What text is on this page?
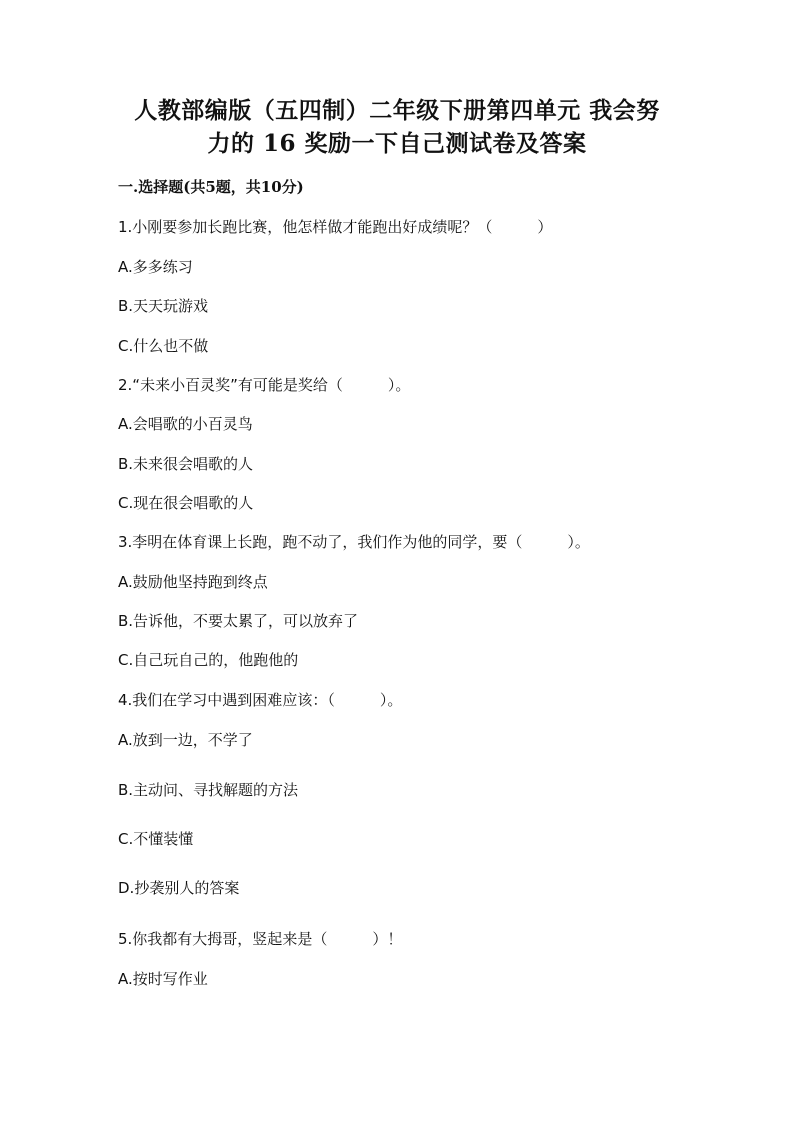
人教部编版（五四制）二年级下册第四单元 我会努
力的 16 奖励一下自己测试卷及答案
一.选择题(共5题，共10分)
1.小刚要参加长跑比赛，他怎样做才能跑出好成绩呢？（　　　）
A.多多练习
B.天天玩游戏
C.什么也不做
2.“未来小百灵奖”有可能是奖给（　　　）。
A.会唱歌的小百灵鸟
B.未来很会唱歌的人
C.现在很会唱歌的人
3.李明在体育课上长跑，跑不动了，我们作为他的同学，要（　　　）。
A.鼓励他坚持跑到终点
B.告诉他，不要太累了，可以放弃了
C.自己玩自己的，他跑他的
4.我们在学习中遇到困难应该：（　　　）。
A.放到一边，不学了
B.主动问、寻找解题的方法
C.不懂装懂
D.抄袭别人的答案
5.你我都有大拇哥，竖起来是（　　　）！
A.按时写作业
